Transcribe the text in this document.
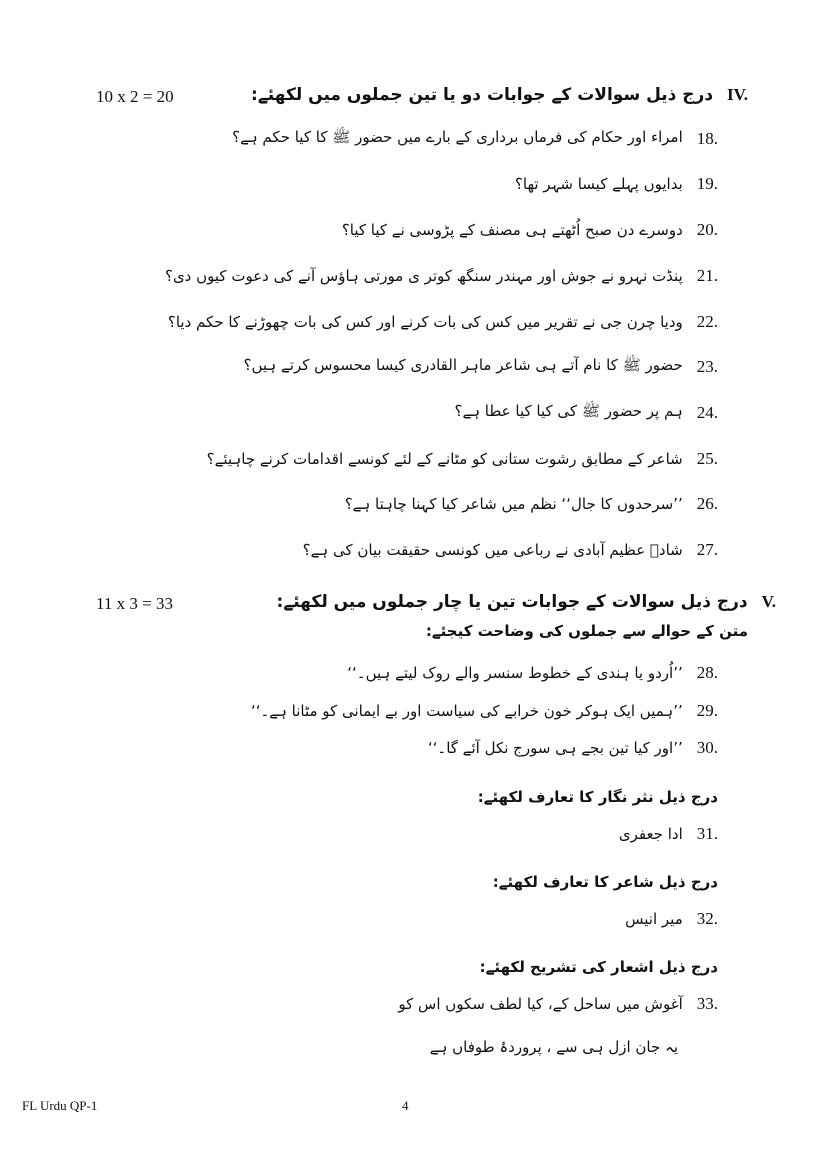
10 x 2 = 20	IV.
درج ذیل سوالات کے جوابات دو یا تین جملوں میں لکھئے:
18.
امراء اور حکام کی فرماں برداری کے بارے میں حضور ﷺ کا کیا حکم ہے؟
19.
بدایوں پہلے کیسا شہر تھا؟
20.
دوسرے دن صبح اُٹھتے ہی مصنف کے پڑوسی نے کیا کیا؟
21.
پنڈت نہرو نے جوش اور مہندر سنگھ کوتر ی مورتی ہاؤس آنے کی دعوت کیوں دی؟
22.
ودیا چرن جی نے تقریر میں کس کی بات کرنے اور کس کی بات چھوڑنے کا حکم دیا؟
23.
حضور ﷺ کا نام آتے ہی شاعر ماہر القادری کیسا محسوس کرتے ہیں؟
24.
ہم پر حضور ﷺ کی کیا کیا عطا ہے؟
25.
شاعر کے مطابق رشوت ستانی کو مٹانے کے لئے کونسے اقدامات کرنے چاہیئے؟
26.
’’سرحدوں کا جال‘‘ نظم میں شاعر کیا کہنا چاہتا ہے؟
27.
شادؔ عظیم آبادی نے رباعی میں کونسی حقیقت بیان کی ہے؟
11 x 3 = 33	V.
درج ذیل سوالات کے جوابات تین یا چار جملوں میں لکھئے:
متن کے حوالے سے جملوں کی وضاحت کیجئے:
28.
’’اُردو یا ہندی کے خطوط سنسر والے روک لیتے ہیں۔‘‘
29.
’’ہمیں ایک ہوکر خون خرابے کی سیاست اور بے ایمانی کو مٹانا ہے۔‘‘
30.
’’اور کیا تین بجے ہی سورج نکل آئے گا۔‘‘
درج ذیل نثر نگار کا تعارف لکھئے:
31.
ادا جعفری
درج ذیل شاعر کا تعارف لکھئے:
32.
میر انیس
درج ذیل اشعار کی تشریح لکھئے:
33.
آغوش میں ساحل کے، کیا لطف سکوں اس کو
یہ جان ازل ہی سے ، پروردۂ طوفاں ہے
FL Urdu QP-1	4
